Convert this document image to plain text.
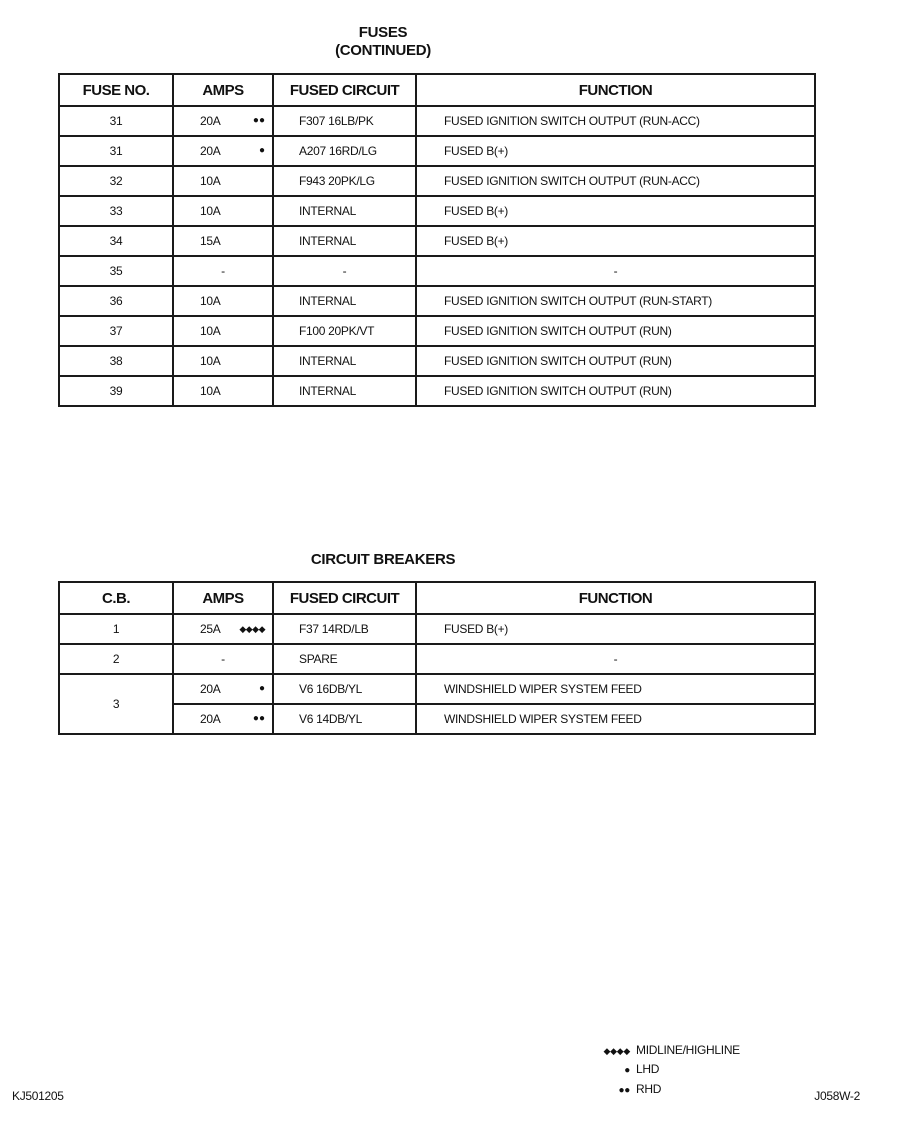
FUSES
(CONTINUED)
FUSE NO.	AMPS	FUSED CIRCUIT	FUNCTION
31	20A ●●	F307 16LB/PK	FUSED IGNITION SWITCH OUTPUT (RUN-ACC)
31	20A ●	A207 16RD/LG	FUSED B(+)
32	10A	F943 20PK/LG	FUSED IGNITION SWITCH OUTPUT (RUN-ACC)
33	10A	INTERNAL	FUSED B(+)
34	15A	INTERNAL	FUSED B(+)
35	-	-	-
36	10A	INTERNAL	FUSED IGNITION SWITCH OUTPUT (RUN-START)
37	10A	F100 20PK/VT	FUSED IGNITION SWITCH OUTPUT (RUN)
38	10A	INTERNAL	FUSED IGNITION SWITCH OUTPUT (RUN)
39	10A	INTERNAL	FUSED IGNITION SWITCH OUTPUT (RUN)
CIRCUIT BREAKERS
C.B.	AMPS	FUSED CIRCUIT	FUNCTION
1	25A ◆◆◆◆	F37 14RD/LB	FUSED B(+)
2	-	SPARE	-
3	20A ●	V6 16DB/YL	WINDSHIELD WIPER SYSTEM FEED
	20A ●●	V6 14DB/YL	WINDSHIELD WIPER SYSTEM FEED
◆◆◆◆ MIDLINE/HIGHLINE
● LHD
●● RHD
KJ501205	J058W-2
